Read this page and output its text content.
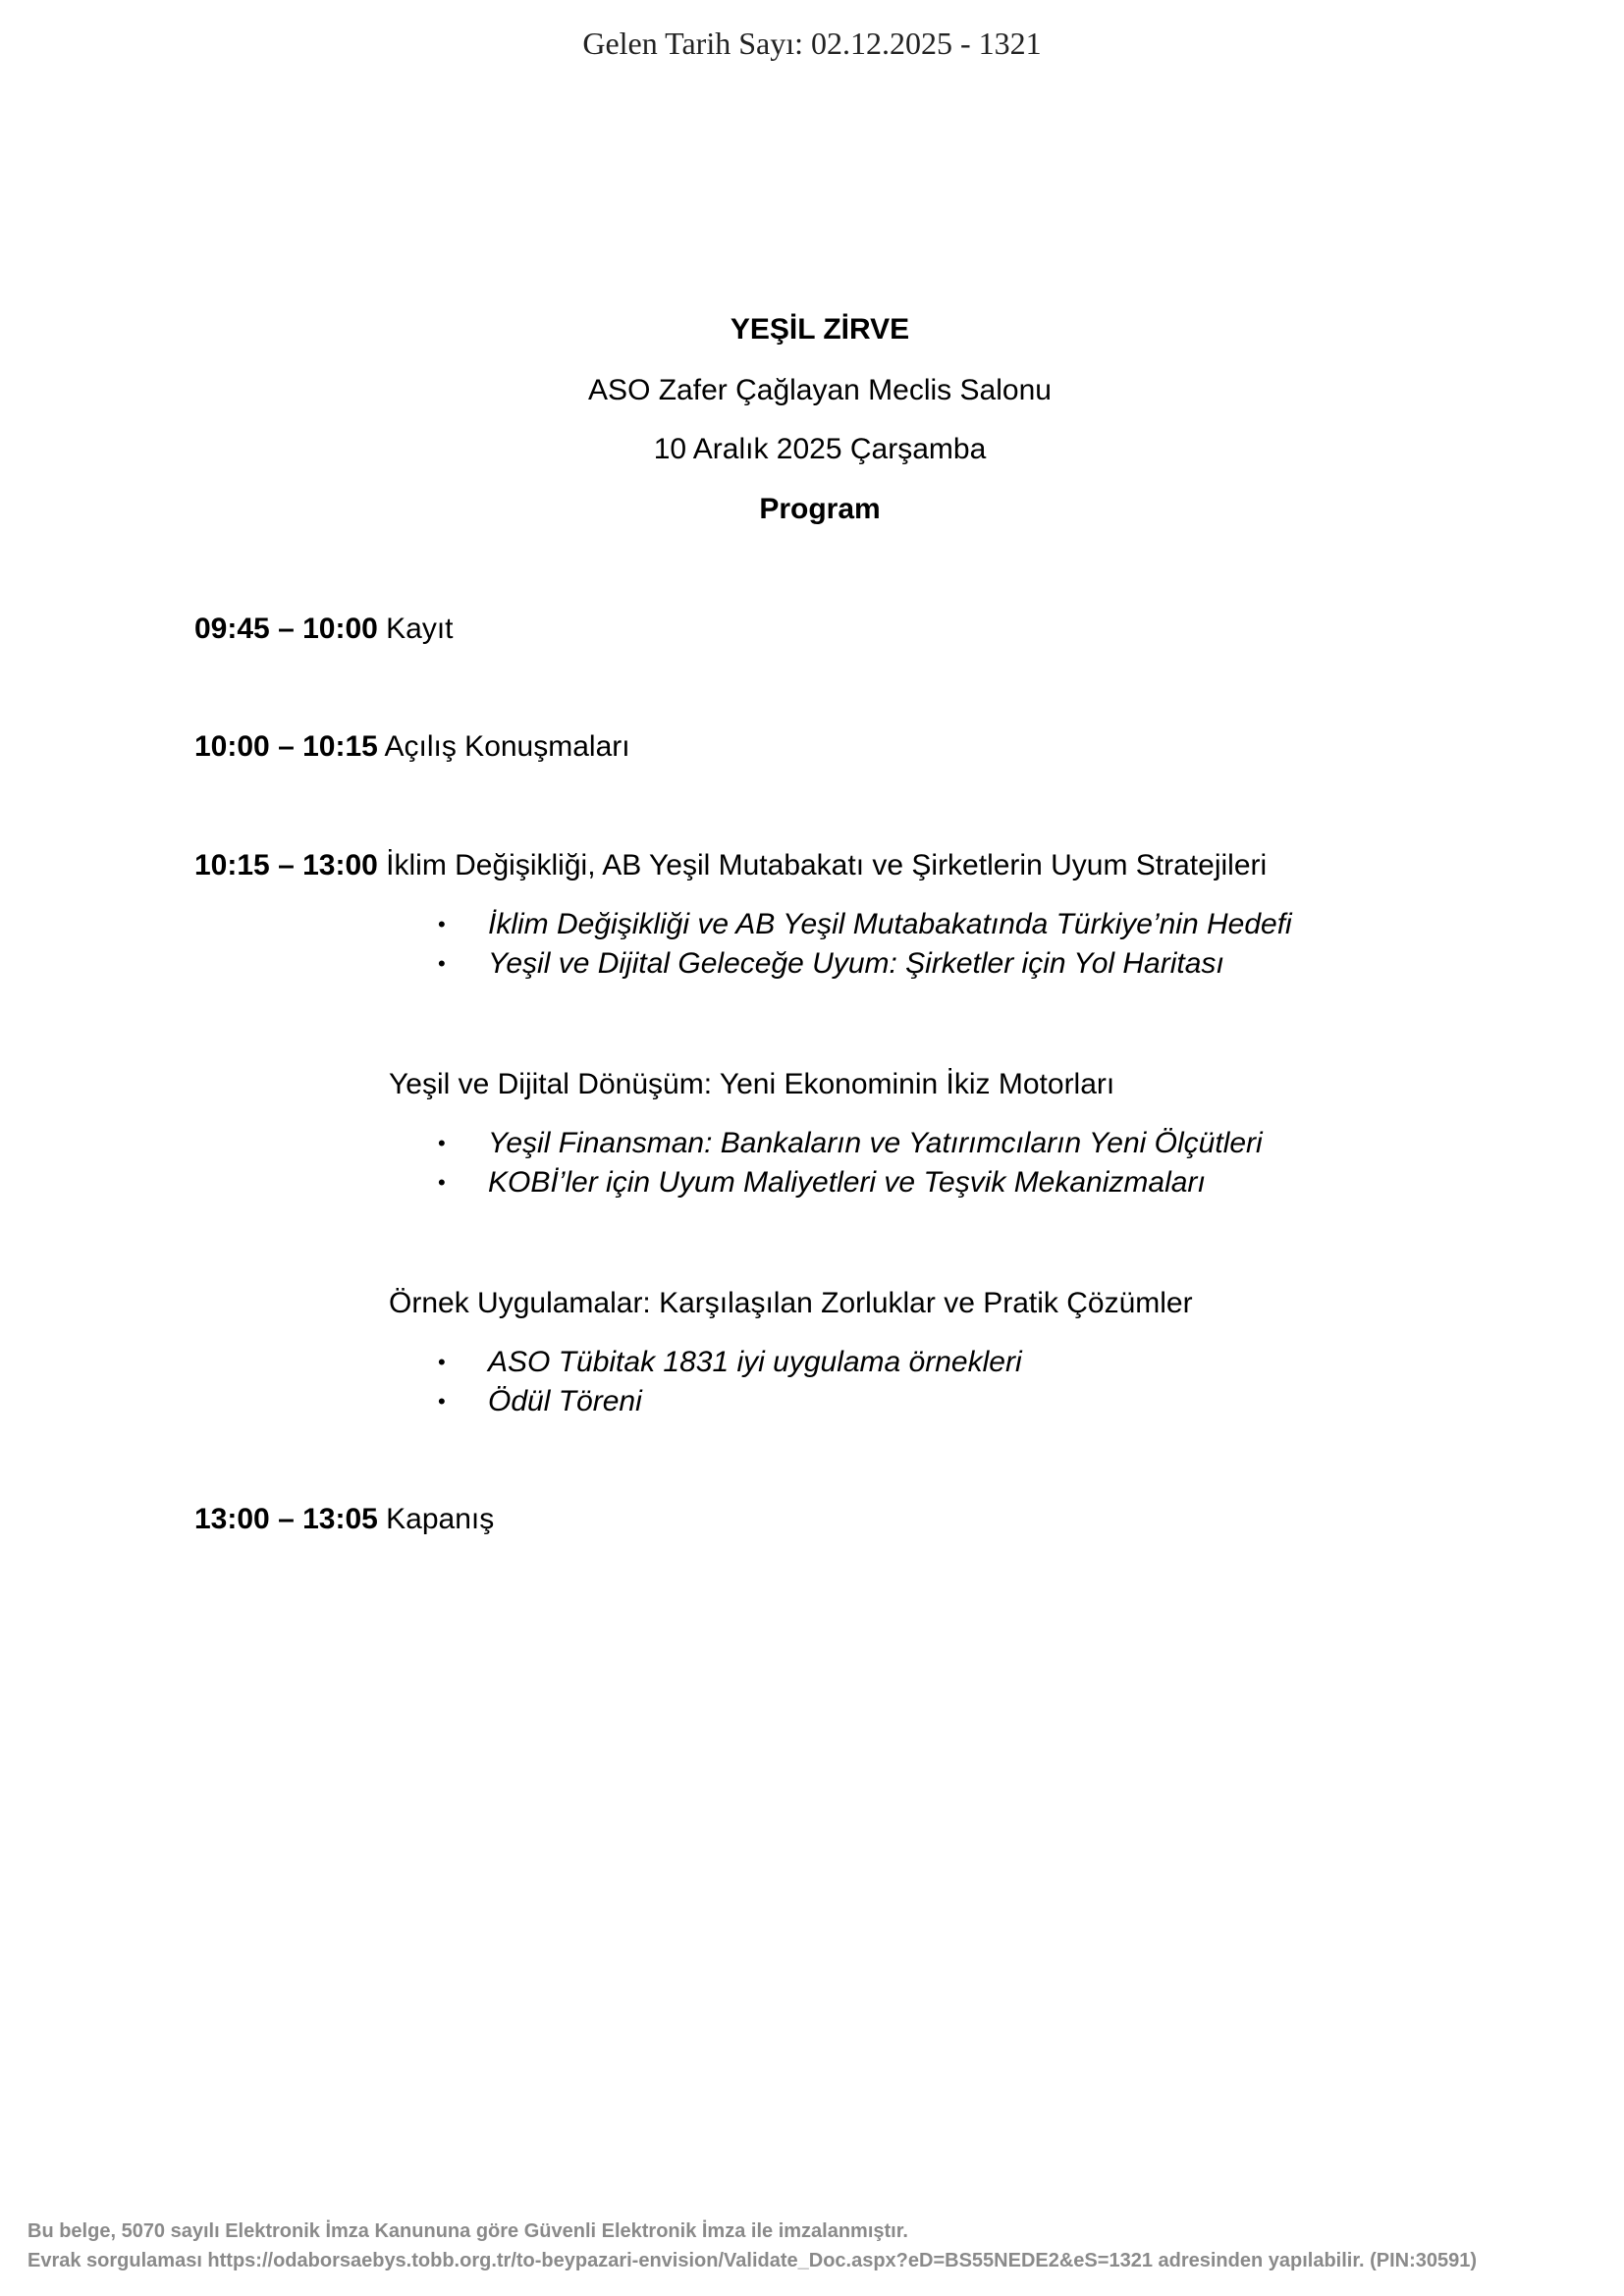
Gelen Tarih Sayı: 02.12.2025 - 1321
YEŞİL ZİRVE
ASO Zafer Çağlayan Meclis Salonu
10 Aralık 2025 Çarşamba
Program
09:45 – 10:00 Kayıt
10:00 – 10:15 Açılış Konuşmaları
10:15 – 13:00 İklim Değişikliği, AB Yeşil Mutabakatı ve Şirketlerin Uyum Stratejileri
• İklim Değişikliği ve AB Yeşil Mutabakatında Türkiye’nin Hedefi
• Yeşil ve Dijital Geleceğe Uyum: Şirketler için Yol Haritası
Yeşil ve Dijital Dönüşüm: Yeni Ekonominin İkiz Motorları
• Yeşil Finansman: Bankaların ve Yatırımcıların Yeni Ölçütleri
• KOBİ’ler için Uyum Maliyetleri ve Teşvik Mekanizmaları
Örnek Uygulamalar: Karşılaşılan Zorluklar ve Pratik Çözümler
• ASO Tübitak 1831 iyi uygulama örnekleri
• Ödül Töreni
13:00 – 13:05 Kapanış
Bu belge, 5070 sayılı Elektronik İmza Kanununa göre Güvenli Elektronik İmza ile imzalanmıştır.
Evrak sorgulaması https://odaborsaebys.tobb.org.tr/to-beypazari-envision/Validate_Doc.aspx?eD=BS55NEDE2&eS=1321 adresinden yapılabilir. (PIN:30591)
